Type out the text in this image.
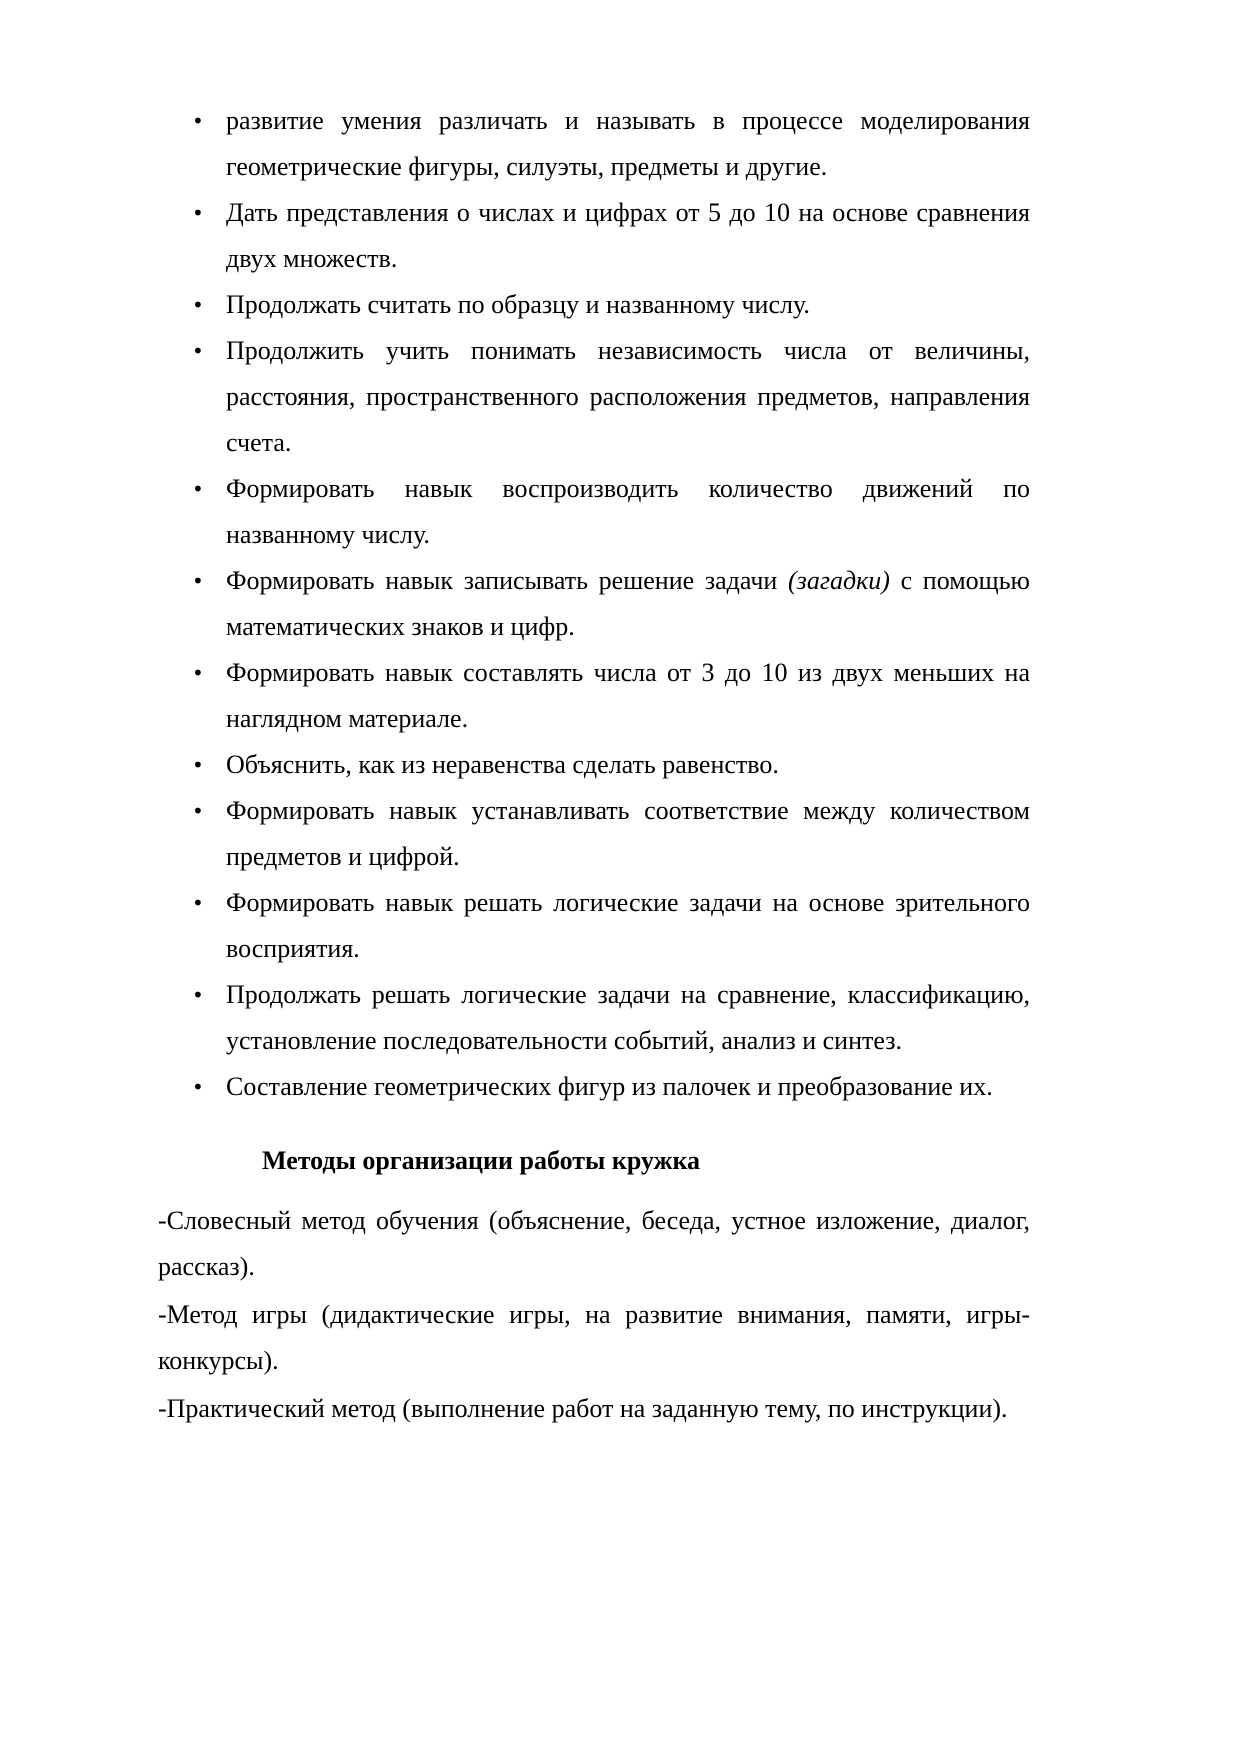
• развитие умения различать и называть в процессе моделирования геометрические фигуры, силуэты, предметы и другие.
• Дать представления о числах и цифрах от 5 до 10 на основе сравнения двух множеств.
• Продолжать считать по образцу и названному числу.
• Продолжить учить понимать независимость числа от величины, расстояния, пространственного расположения предметов, направления счета.
• Формировать навык воспроизводить количество движений по названному числу.
• Формировать навык записывать решение задачи (загадки) с помощью математических знаков и цифр.
• Формировать навык составлять числа от 3 до 10 из двух меньших на наглядном материале.
• Объяснить, как из неравенства сделать равенство.
• Формировать навык устанавливать соответствие между количеством предметов и цифрой.
• Формировать навык решать логические задачи на основе зрительного восприятия.
• Продолжать решать логические задачи на сравнение, классификацию, установление последовательности событий, анализ и синтез.
• Составление геометрических фигур из палочек и преобразование их.
Методы организации работы кружка

-Словесный метод обучения (объяснение, беседа, устное изложение, диалог, рассказ).

-Метод игры (дидактические игры, на развитие внимания, памяти, игры-конкурсы).

-Практический метод (выполнение работ на заданную тему, по инструкции).
